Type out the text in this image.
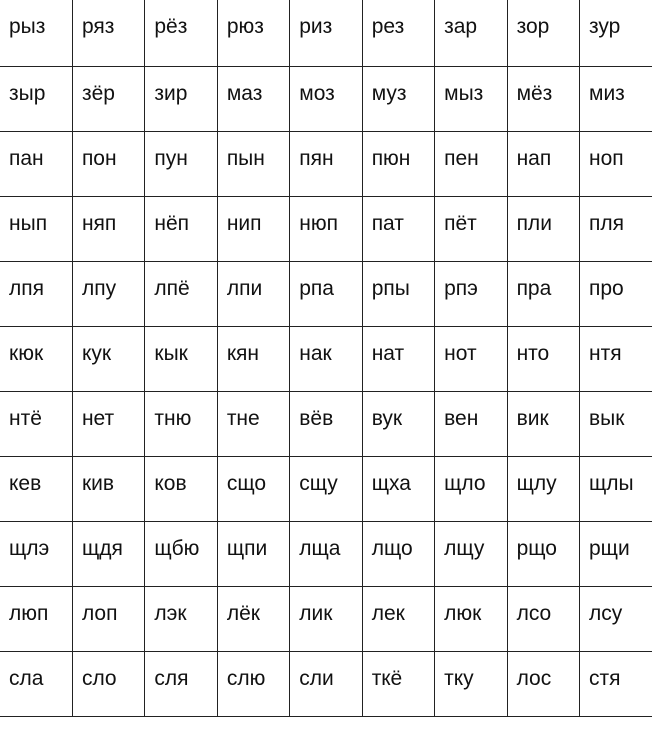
рыз	ряз	рёз	рюз	риз	рез	зар	зор	зур
зыр	зёр	зир	маз	моз	муз	мыз	мёз	миз
пан	пон	пун	пын	пян	пюн	пен	нап	ноп
нып	няп	нёп	нип	нюп	пат	пёт	пли	пля
лпя	лпу	лпё	лпи	рпа	рпы	рпэ	пра	про
кюк	кук	кык	кян	нак	нат	нот	нто	нтя
нтё	нет	тню	тне	вёв	вук	вен	вик	вык
кев	кив	ков	сщо	сщу	щха	щло	щлу	щлы
щлэ	щдя	щбю	щпи	лща	лщо	лщу	рщо	рщи
люп	лоп	лэк	лёк	лик	лек	люк	лсо	лсу
сла	сло	сля	слю	сли	ткё	тку	лос	стя
